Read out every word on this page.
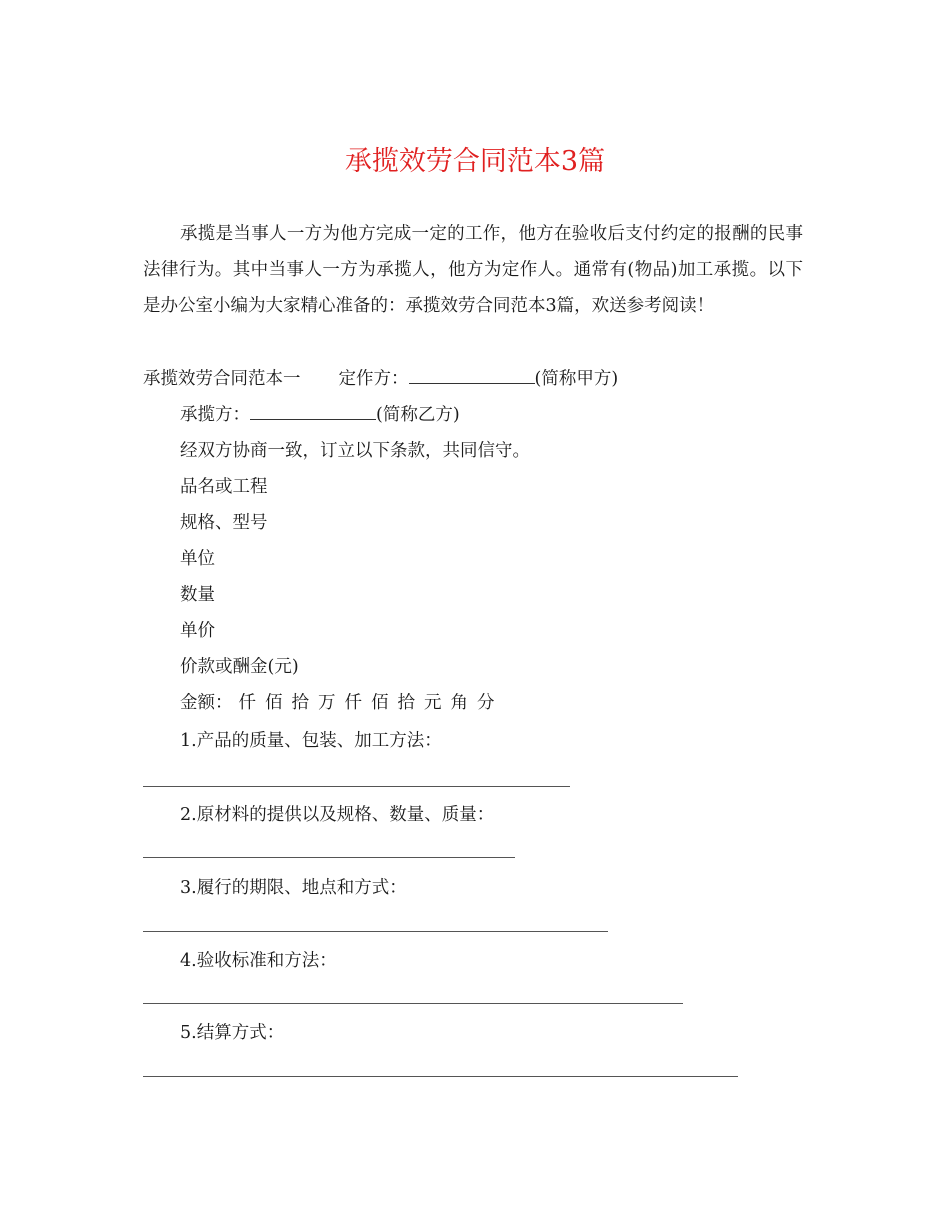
承揽效劳合同范本3篇
承揽是当事人一方为他方完成一定的工作，他方在验收后支付约定的报酬的民事法律行为。其中当事人一方为承揽人，他方为定作人。通常有(物品)加工承揽。以下是办公室小编为大家精心准备的：承揽效劳合同范本3篇，欢送参考阅读！
承揽效劳合同范本一 定作方：	(简称甲方)
承揽方：	(简称乙方)
经双方协商一致，订立以下条款，共同信守。
品名或工程
规格、型号
单位
数量
单价
价款或酬金(元)
金额： 仟 佰 拾 万 仟 佰 拾 元 角 分
1.产品的质量、包装、加工方法：
2.原材料的提供以及规格、数量、质量：
3.履行的期限、地点和方式：
4.验收标准和方法：
5.结算方式：
